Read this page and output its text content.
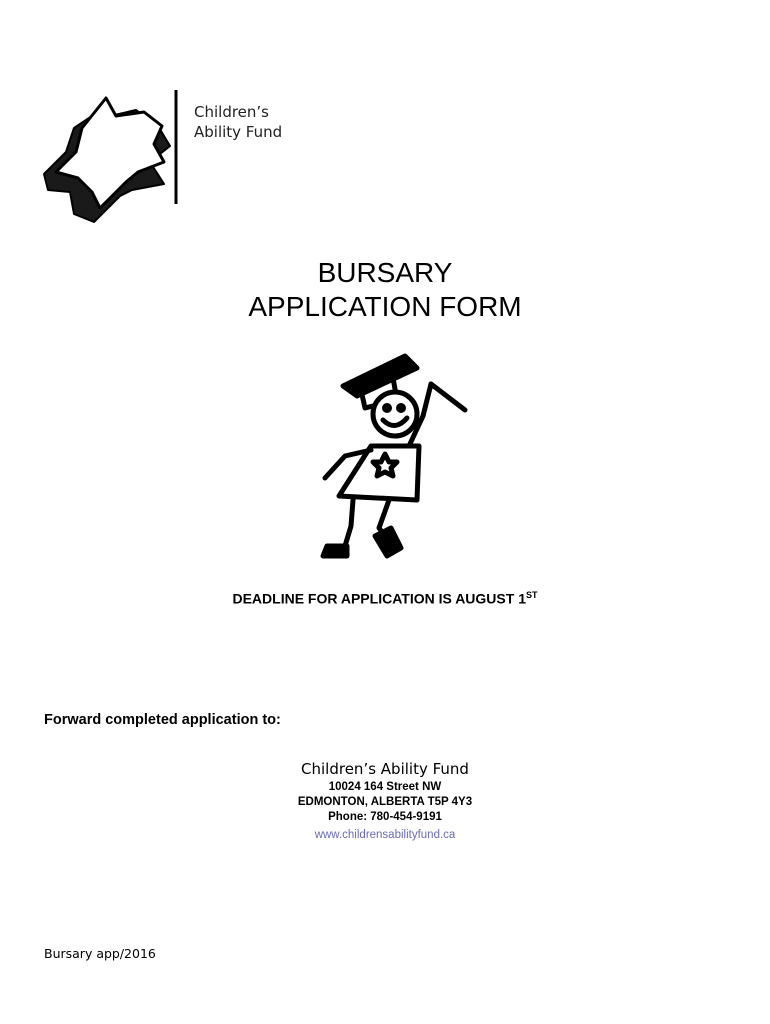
Children’s
Ability Fund
BURSARY
APPLICATION FORM

DEADLINE FOR APPLICATION IS AUGUST 1ST

Forward completed application to:

Children’s Ability Fund
10024 164 Street NW
EDMONTON, ALBERTA T5P 4Y3
Phone: 780-454-9191
www.childrensabilityfund.ca

Bursary app/2016
